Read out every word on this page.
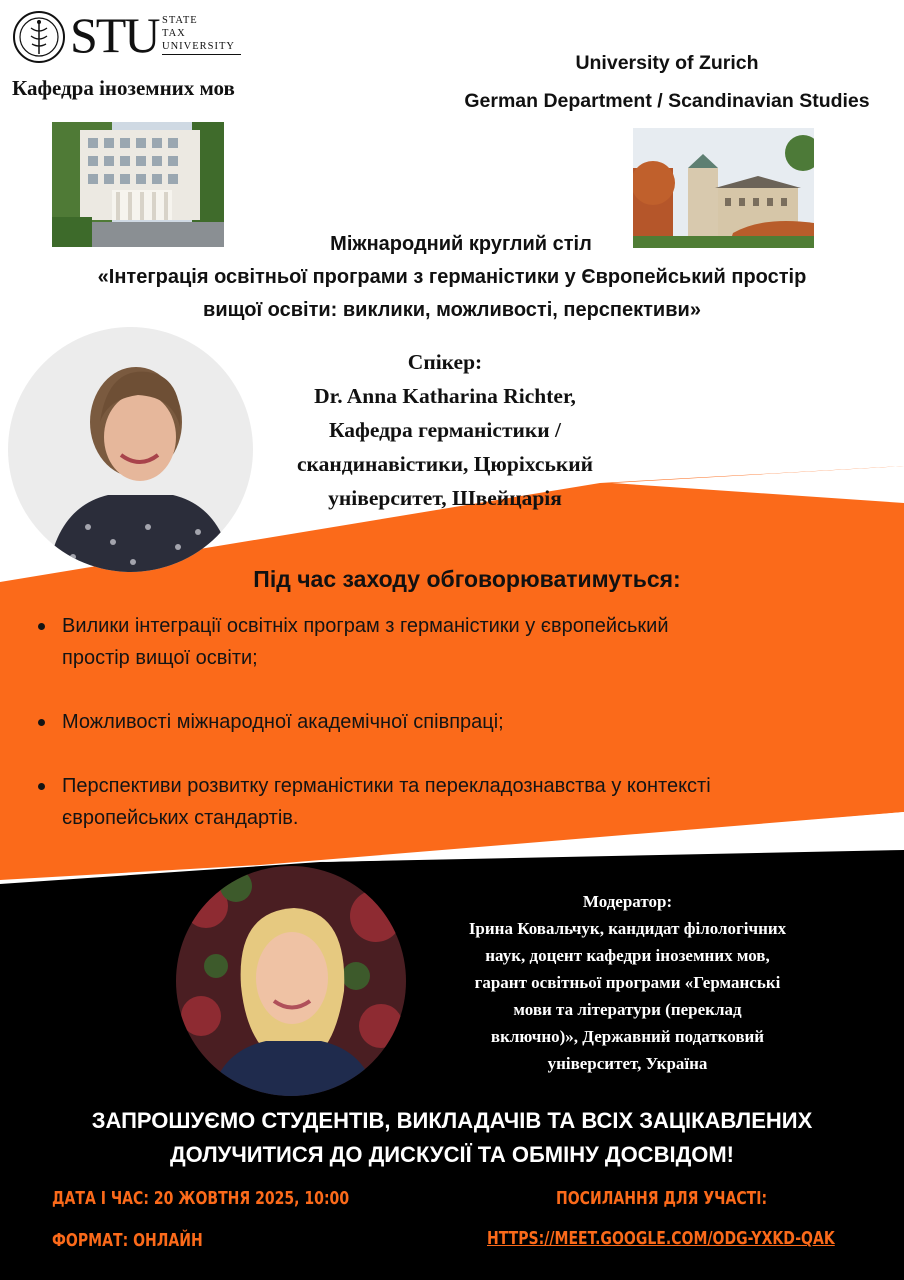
STU STATE
TAX
UNIVERSITY
Кафедра іноземних мов
University of Zurich
German Department / Scandinavian Studies
Міжнародний круглий стіл
«Інтеграція освітньої програми з германістики у Європейський простір
вищої освіти: виклики, можливості, перспективи»
Спікер:
Dr. Anna Katharina Richter,
Кафедра германістики /
скандинавістики, Цюріхський
університет, Швейцарія
Під час заходу обговорюватимуться:
Вилики інтеграції освітніх програм з германістики у європейський
простір вищої освіти;
Можливості міжнародної академічної співпраці;
Перспективи розвитку германістики та перекладознавства у контексті
європейських стандартів.
Модератор:
Ірина Ковальчук, кандидат філологічних
наук, доцент кафедри іноземних мов,
гарант освітньої програми «Германські
мови та літератури (переклад
включно)», Державний податковий
університет, Україна
ЗАПРОШУЄМО СТУДЕНТІВ, ВИКЛАДАЧІВ ТА ВСІХ ЗАЦІКАВЛЕНИХ
ДОЛУЧИТИСЯ ДО ДИСКУСІЇ ТА ОБМІНУ ДОСВІДОМ!
ДАТА І ЧАС: 20 ЖОВТНЯ 2025, 10:00
ФОРМАТ: ОНЛАЙН
ПОСИЛАННЯ ДЛЯ УЧАСТІ:
HTTPS://MEET.GOOGLE.COM/ODG-YXKD-QAK
